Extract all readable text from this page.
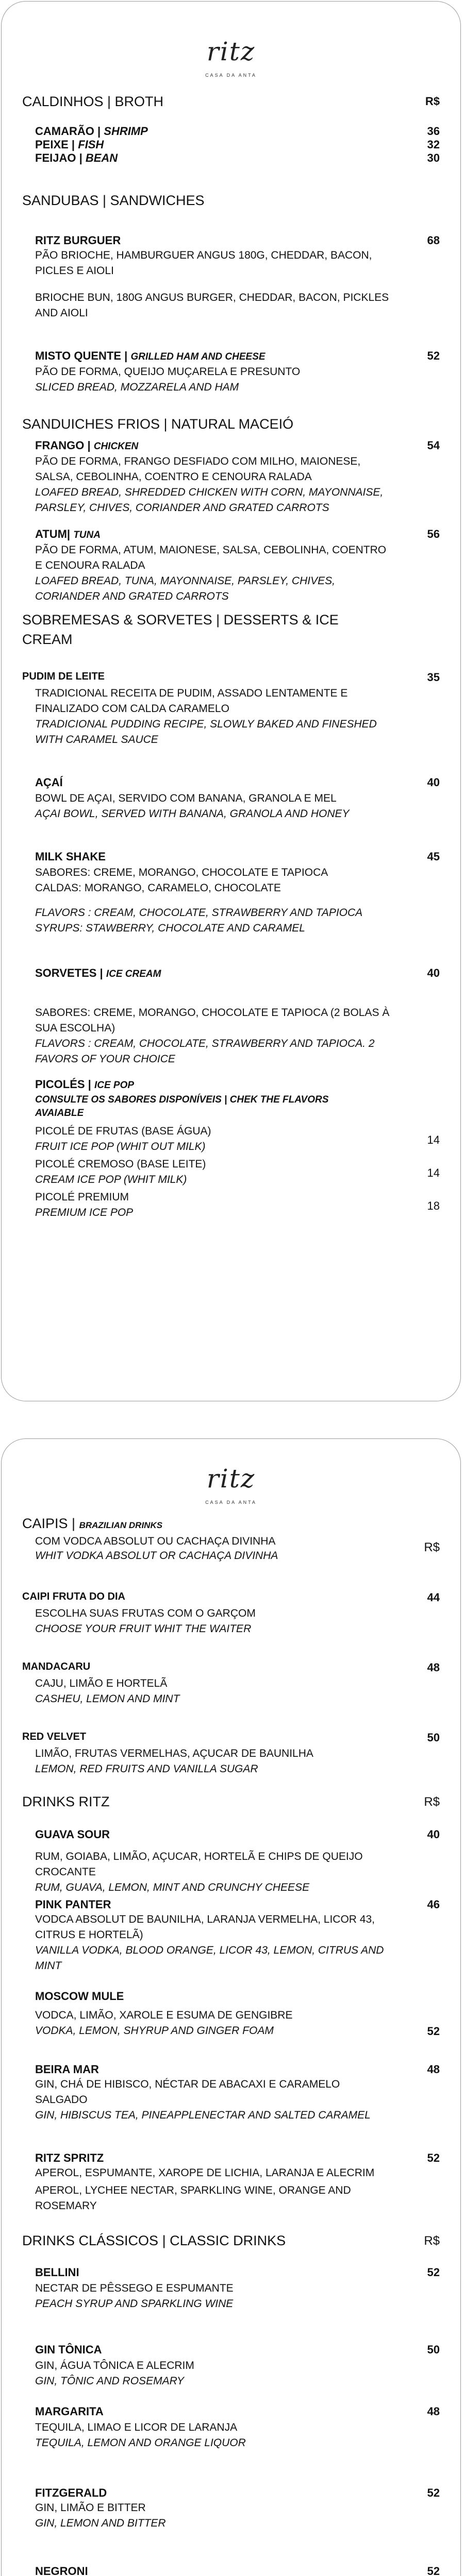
ritz
CASA DA ANTA
CALDINHOS | BROTH	R$
CAMARÃO | SHRIMP	36
PEIXE | FISH	32
FEIJAO | BEAN	30
SANDUBAS | SANDWICHES
RITZ BURGUER	68
PÃO BRIOCHE, HAMBURGUER ANGUS 180G, CHEDDAR, BACON,
PICLES E AIOLI
BRIOCHE BUN, 180G ANGUS BURGER, CHEDDAR, BACON, PICKLES
AND AIOLI
MISTO QUENTE | GRILLED HAM AND CHEESE	52
PÃO DE FORMA, QUEIJO MUÇARELA E PRESUNTO
SLICED BREAD, MOZZARELA AND HAM
SANDUICHES FRIOS | NATURAL MACEIÓ
FRANGO | CHICKEN	54
PÃO DE FORMA, FRANGO DESFIADO COM MILHO, MAIONESE,
SALSA, CEBOLINHA, COENTRO E CENOURA RALADA
LOAFED BREAD, SHREDDED CHICKEN WITH CORN, MAYONNAISE,
PARSLEY, CHIVES, CORIANDER AND GRATED CARROTS
ATUM| TUNA	56
PÃO DE FORMA, ATUM, MAIONESE, SALSA, CEBOLINHA, COENTRO
E CENOURA RALADA
LOAFED BREAD, TUNA, MAYONNAISE, PARSLEY, CHIVES,
CORIANDER AND GRATED CARROTS
SOBREMESAS & SORVETES | DESSERTS & ICE
CREAM
PUDIM DE LEITE	35
TRADICIONAL RECEITA DE PUDIM, ASSADO LENTAMENTE E
FINALIZADO COM CALDA CARAMELO
TRADICIONAL PUDDING RECIPE, SLOWLY BAKED AND FINESHED
WITH CARAMEL SAUCE
AÇAÍ	40
BOWL DE AÇAI, SERVIDO COM BANANA, GRANOLA E MEL
AÇAI BOWL, SERVED WITH BANANA, GRANOLA AND HONEY
MILK SHAKE	45
SABORES: CREME, MORANGO, CHOCOLATE E TAPIOCA
CALDAS: MORANGO, CARAMELO, CHOCOLATE
FLAVORS : CREAM, CHOCOLATE, STRAWBERRY AND TAPIOCA
SYRUPS: STAWBERRY, CHOCOLATE AND CARAMEL
SORVETES | ICE CREAM	40
SABORES: CREME, MORANGO, CHOCOLATE E TAPIOCA (2 BOLAS À
SUA ESCOLHA)
FLAVORS : CREAM, CHOCOLATE, STRAWBERRY AND TAPIOCA. 2
FAVORS OF YOUR CHOICE
PICOLÉS | ICE POP
CONSULTE OS SABORES DISPONÍVEIS | CHEK THE FLAVORS
AVAIABLE
PICOLÉ DE FRUTAS (BASE ÁGUA)
FRUIT ICE POP (WHIT OUT MILK)
14
PICOLÉ CREMOSO (BASE LEITE)
CREAM ICE POP (WHIT MILK)
14
PICOLÉ PREMIUM
PREMIUM ICE POP
18
ritz
CASA DA ANTA
CAIPIS | BRAZILIAN DRINKS
COM VODCA ABSOLUT OU CACHAÇA DIVINHA
WHIT VODKA ABSOLUT OR CACHAÇA DIVINHA
R$
CAIPI FRUTA DO DIA	44
ESCOLHA SUAS FRUTAS COM O GARÇOM
CHOOSE YOUR FRUIT WHIT THE WAITER
MANDACARU	48
CAJU, LIMÃO E HORTELÃ
CASHEU, LEMON AND MINT
RED VELVET	50
LIMÃO, FRUTAS VERMELHAS, AÇUCAR DE BAUNILHA
LEMON, RED FRUITS AND VANILLA SUGAR
DRINKS RITZ	R$
GUAVA SOUR	40
RUM, GOIABA, LIMÃO, AÇUCAR, HORTELÃ E CHIPS DE QUEIJO
CROCANTE
RUM, GUAVA, LEMON, MINT AND CRUNCHY CHEESE
PINK PANTER	46
VODCA ABSOLUT DE BAUNILHA, LARANJA VERMELHA, LICOR 43,
CITRUS E HORTELÃ)
VANILLA VODKA, BLOOD ORANGE, LICOR 43, LEMON, CITRUS AND
MINT
MOSCOW MULE
VODCA, LIMÃO, XAROLE E ESUMA DE GENGIBRE
VODKA, LEMON, SHYRUP AND GINGER FOAM	52
BEIRA MAR	48
GIN, CHÁ DE HIBISCO, NÉCTAR DE ABACAXI E CARAMELO
SALGADO
GIN, HIBISCUS TEA, PINEAPPLENECTAR AND SALTED CARAMEL
RITZ SPRITZ	52
APEROL, ESPUMANTE, XAROPE DE LICHIA, LARANJA E ALECRIM
APEROL, LYCHEE NECTAR, SPARKLING WINE, ORANGE AND
ROSEMARY
DRINKS CLÁSSICOS | CLASSIC DRINKS	R$
BELLINI	52
NECTAR DE PÊSSEGO E ESPUMANTE
PEACH SYRUP AND SPARKLING WINE
GIN TÔNICA	50
GIN, ÁGUA TÔNICA E ALECRIM
GIN, TÔNIC AND ROSEMARY
MARGARITA	48
TEQUILA, LIMAO E LICOR DE LARANJA
TEQUILA, LEMON AND ORANGE LIQUOR
FITZGERALD	52
GIN, LIMÃO E BITTER
GIN, LEMON AND BITTER
NEGRONI	52
